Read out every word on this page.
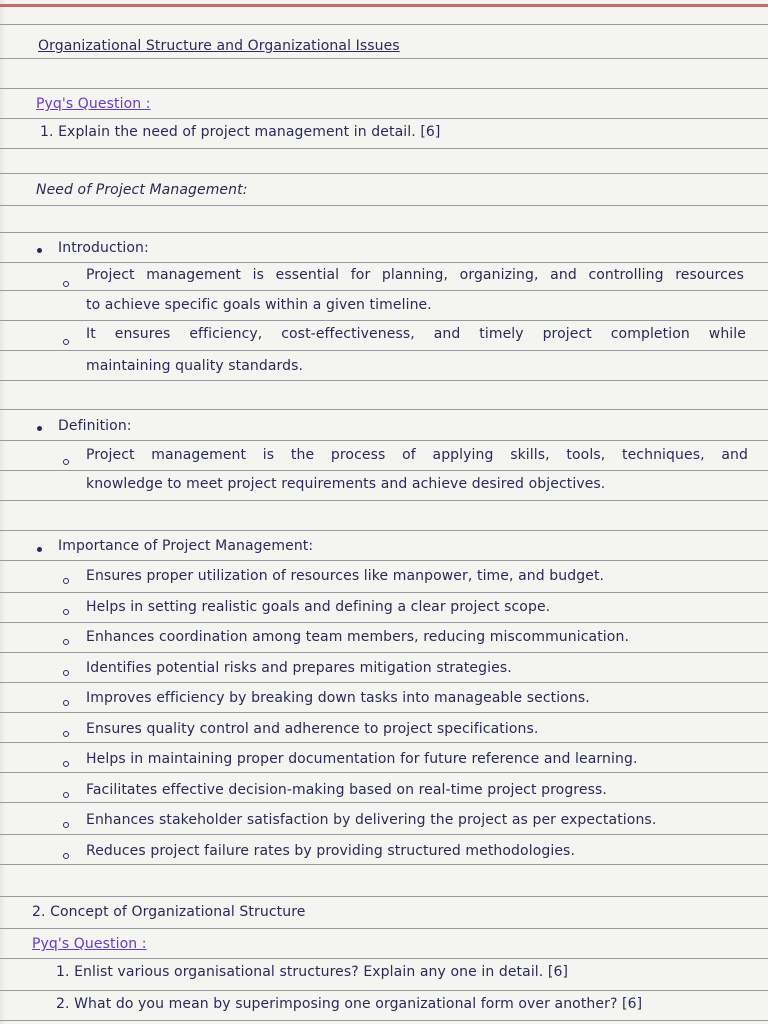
Organizational Structure and Organizational Issues
Pyq's Question :
1. Explain the need of project management in detail. [6]
Need of Project Management:
Introduction:
Project management is essential for planning, organizing, and controlling resources
to achieve specific goals within a given timeline.
It ensures efficiency, cost-effectiveness, and timely project completion while
maintaining quality standards.
Definition:
Project management is the process of applying skills, tools, techniques, and
knowledge to meet project requirements and achieve desired objectives.
Importance of Project Management:
2. Concept of Organizational Structure
Pyq's Question :
1. Enlist various organisational structures? Explain any one in detail. [6]
2. What do you mean by superimposing one organizational form over another? [6]
Ensures proper utilization of resources like manpower, time, and budget.
Helps in setting realistic goals and defining a clear project scope.
Enhances coordination among team members, reducing miscommunication.
Identifies potential risks and prepares mitigation strategies.
Improves efficiency by breaking down tasks into manageable sections.
Ensures quality control and adherence to project specifications.
Helps in maintaining proper documentation for future reference and learning.
Facilitates effective decision-making based on real-time project progress.
Enhances stakeholder satisfaction by delivering the project as per expectations.
Reduces project failure rates by providing structured methodologies.
